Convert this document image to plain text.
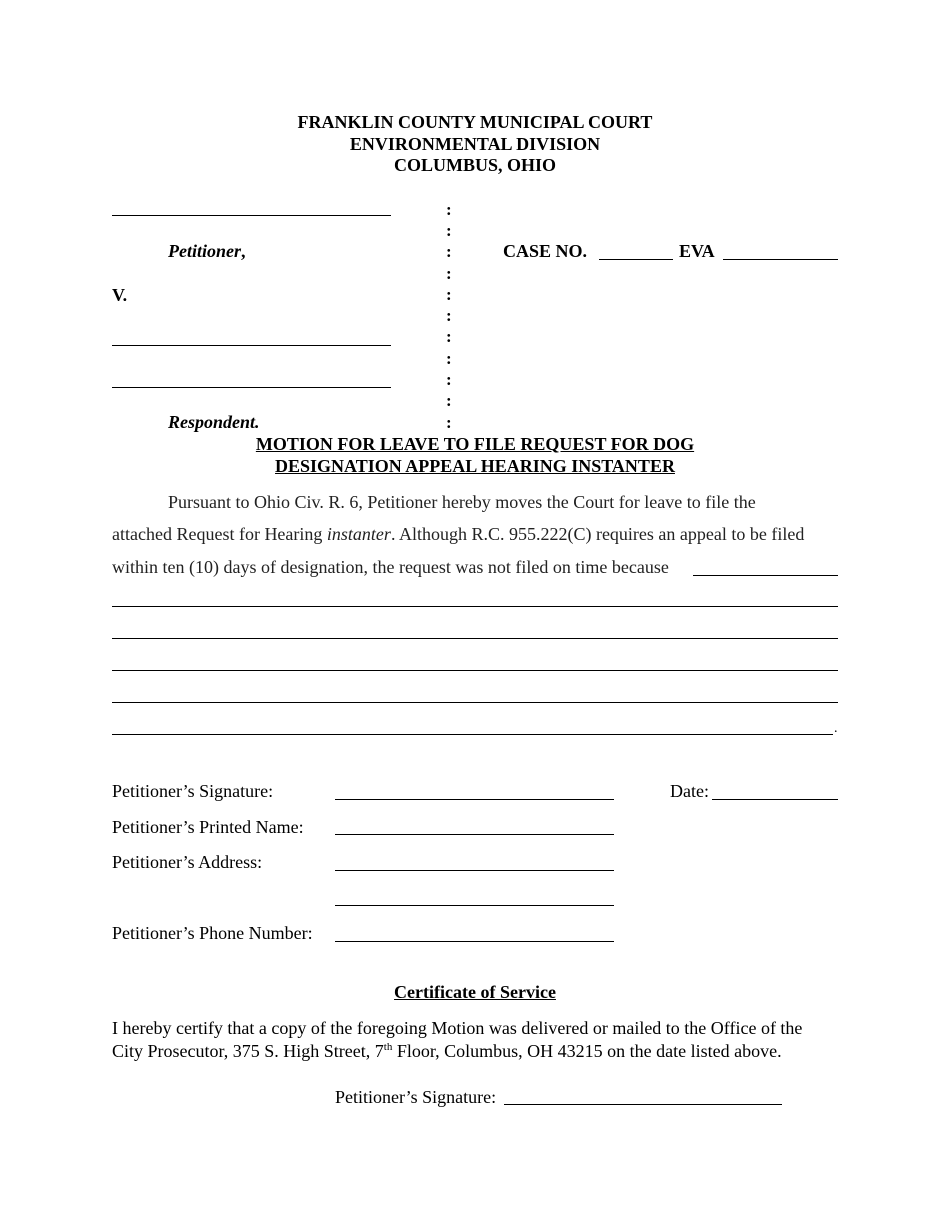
FRANKLIN COUNTY MUNICIPAL COURT
ENVIRONMENTAL DIVISION
COLUMBUS, OHIO
Petitioner,
V.
Respondent.
:
:
:
:
:
:
:
:
:
:
:
CASE NO.	EVA
MOTION FOR LEAVE TO FILE REQUEST FOR DOG
DESIGNATION APPEAL HEARING INSTANTER
Pursuant to Ohio Civ. R. 6, Petitioner hereby moves the Court for leave to file the
attached Request for Hearing instanter. Although R.C. 955.222(C) requires an appeal to be filed
within ten (10) days of designation, the request was not filed on time because
.
Petitioner’s Signature:	Date:
Petitioner’s Printed Name:
Petitioner’s Address:
Petitioner’s Phone Number:
Certificate of Service
I hereby certify that a copy of the foregoing Motion was delivered or mailed to the Office of the
City Prosecutor, 375 S. High Street, 7th Floor, Columbus, OH 43215 on the date listed above.
Petitioner’s Signature:
